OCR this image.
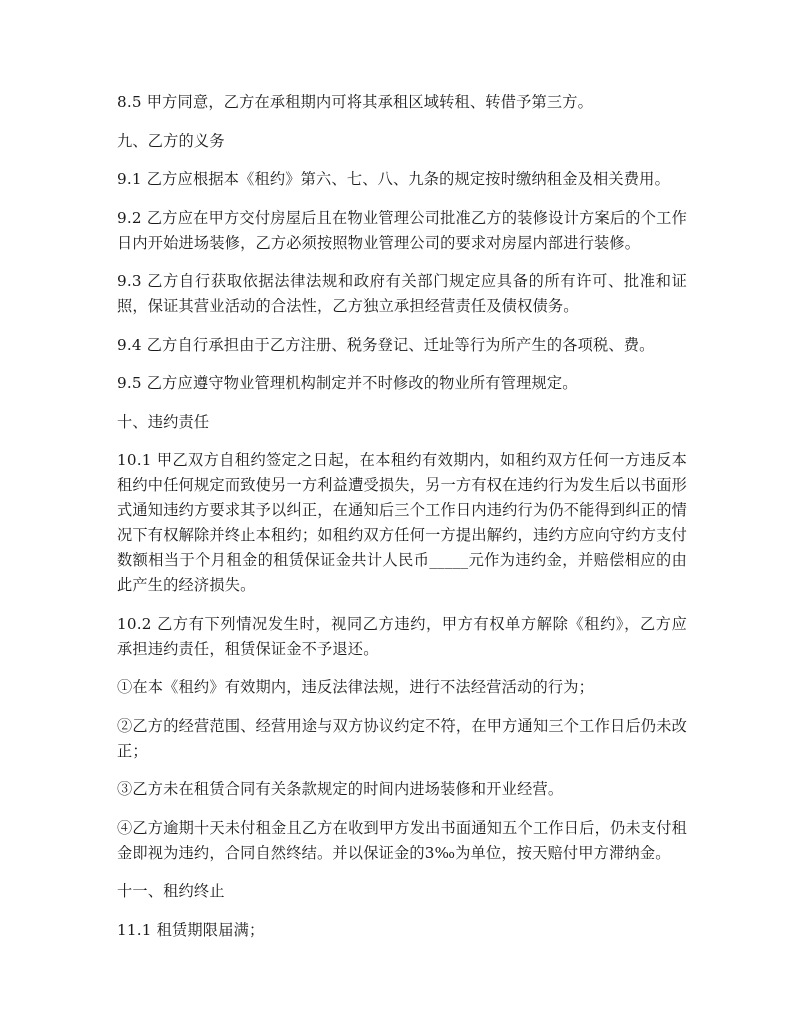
8.5 甲方同意，乙方在承租期内可将其承租区域转租、转借予第三方。

九、乙方的义务

9.1 乙方应根据本《租约》第六、七、八、九条的规定按时缴纳租金及相关费用。

9.2 乙方应在甲方交付房屋后且在物业管理公司批准乙方的装修设计方案后的个工作日内开始进场装修，乙方必须按照物业管理公司的要求对房屋内部进行装修。

9.3 乙方自行获取依据法律法规和政府有关部门规定应具备的所有许可、批准和证照，保证其营业活动的合法性，乙方独立承担经营责任及债权债务。

9.4 乙方自行承担由于乙方注册、税务登记、迁址等行为所产生的各项税、费。

9.5 乙方应遵守物业管理机构制定并不时修改的物业所有管理规定。

十、违约责任

10.1 甲乙双方自租约签定之日起，在本租约有效期内，如租约双方任何一方违反本租约中任何规定而致使另一方利益遭受损失，另一方有权在违约行为发生后以书面形式通知违约方要求其予以纠正，在通知后三个工作日内违约行为仍不能得到纠正的情况下有权解除并终止本租约；如租约双方任何一方提出解约，违约方应向守约方支付数额相当于个月租金的租赁保证金共计人民币_____元作为违约金，并赔偿相应的由此产生的经济损失。

10.2 乙方有下列情况发生时，视同乙方违约，甲方有权单方解除《租约》，乙方应承担违约责任，租赁保证金不予退还。

①在本《租约》有效期内，违反法律法规，进行不法经营活动的行为；

②乙方的经营范围、经营用途与双方协议约定不符，在甲方通知三个工作日后仍未改正；

③乙方未在租赁合同有关条款规定的时间内进场装修和开业经营。

④乙方逾期十天未付租金且乙方在收到甲方发出书面通知五个工作日后，仍未支付租金即视为违约，合同自然终结。并以保证金的3‰为单位，按天赔付甲方滞纳金。

十一、租约终止

11.1 租赁期限届满；
